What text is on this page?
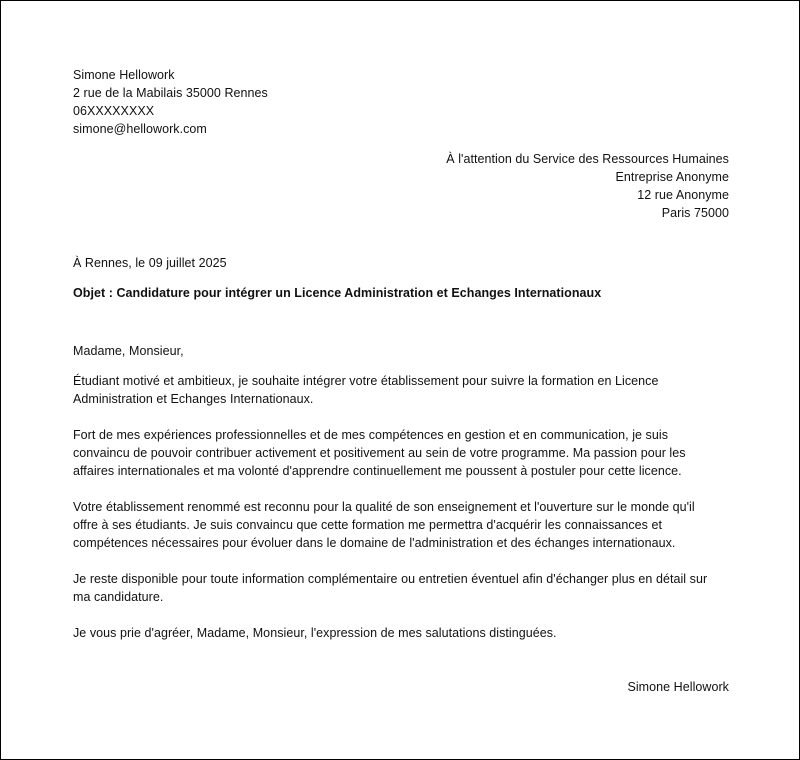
Simone Hellowork
2 rue de la Mabilais 35000 Rennes
06XXXXXXXX
simone@hellowork.com
À l'attention du Service des Ressources Humaines
Entreprise Anonyme
12 rue Anonyme
Paris 75000
À Rennes, le 09 juillet 2025
Objet : Candidature pour intégrer un Licence Administration et Echanges Internationaux
Madame, Monsieur,
Étudiant motivé et ambitieux, je souhaite intégrer votre établissement pour suivre la formation en Licence
Administration et Echanges Internationaux.
Fort de mes expériences professionnelles et de mes compétences en gestion et en communication, je suis
convaincu de pouvoir contribuer activement et positivement au sein de votre programme. Ma passion pour les
affaires internationales et ma volonté d'apprendre continuellement me poussent à postuler pour cette licence.
Votre établissement renommé est reconnu pour la qualité de son enseignement et l'ouverture sur le monde qu'il
offre à ses étudiants. Je suis convaincu que cette formation me permettra d'acquérir les connaissances et
compétences nécessaires pour évoluer dans le domaine de l'administration et des échanges internationaux.
Je reste disponible pour toute information complémentaire ou entretien éventuel afin d'échanger plus en détail sur
ma candidature.
Je vous prie d'agréer, Madame, Monsieur, l'expression de mes salutations distinguées.
Simone Hellowork
